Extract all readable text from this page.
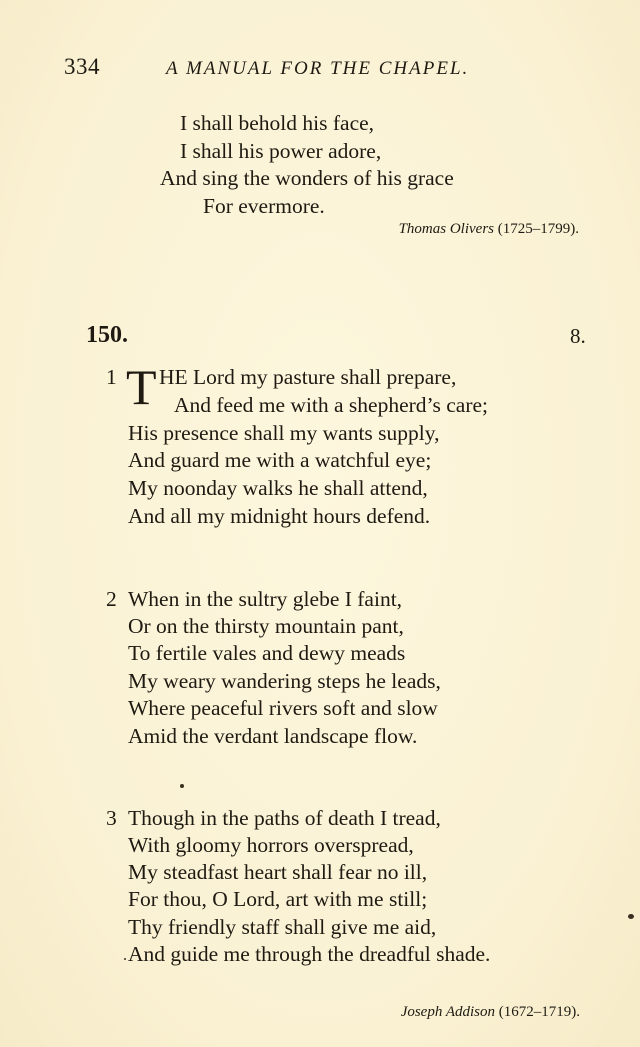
334	A MANUAL FOR THE CHAPEL.
I shall behold his face,
I shall his power adore,
And sing the wonders of his grace
For evermore.
Thomas Olivers (1725–1799).
150.	8.
1 T HE Lord my pasture shall prepare,
And feed me with a shepherd’s care;
His presence shall my wants supply,
And guard me with a watchful eye;
My noonday walks he shall attend,
And all my midnight hours defend.
2 When in the sultry glebe I faint,
Or on the thirsty mountain pant,
To fertile vales and dewy meads
My weary wandering steps he leads,
Where peaceful rivers soft and slow
Amid the verdant landscape flow.
3 Though in the paths of death I tread,
With gloomy horrors overspread,
My steadfast heart shall fear no ill,
For thou, O Lord, art with me still;
Thy friendly staff shall give me aid,
And guide me through the dreadful shade.
Joseph Addison (1672–1719).
